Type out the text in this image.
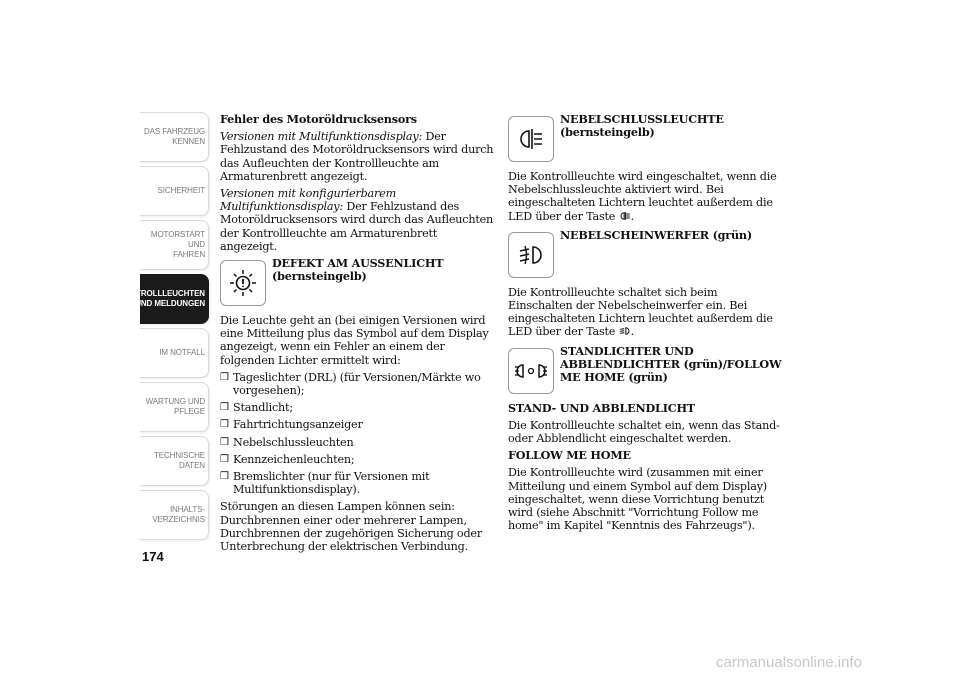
DAS FAHRZEUG
KENNEN
SICHERHEIT
MOTORSTART UND
FAHREN
KONTROLLLEUCHTEN
UND MELDUNGEN
IM NOTFALL
WARTUNG UND
PFLEGE
TECHNISCHE
DATEN
INHALTS-
VERZEICHNIS
174

Fehler des Motoröldrucksensors

Versionen mit Multifunktionsdisplay: Der Fehlzustand des Motoröldrucksensors wird durch das Aufleuchten der Kontrollleuchte am Armaturenbrett angezeigt.

Versionen mit konfigurierbarem Multifunktionsdisplay: Der Fehlzustand des Motoröldrucksensors wird durch das Aufleuchten der Kontrollleuchte am Armaturenbrett angezeigt.

DEFEKT AM AUSSENLICHT (bernsteingelb)

Die Leuchte geht an (bei einigen Versionen wird eine Mitteilung plus das Symbol auf dem Display angezeigt, wenn ein Fehler an einem der folgenden Lichter ermittelt wird:

❒ Tageslichter (DRL) (für Versionen/Märkte wo vorgesehen);
❒ Standlicht;
❒ Fahrtrichtungsanzeiger
❒ Nebelschlussleuchten
❒ Kennzeichenleuchten;
❒ Bremslichter (nur für Versionen mit Multifunktionsdisplay).

Störungen an diesen Lampen können sein: Durchbrennen einer oder mehrerer Lampen, Durchbrennen der zugehörigen Sicherung oder Unterbrechung der elektrischen Verbindung.

NEBELSCHLUSSLEUCHTE (bernsteingelb)

Die Kontrollleuchte wird eingeschaltet, wenn die Nebelschlussleuchte aktiviert wird. Bei eingeschalteten Lichtern leuchtet außerdem die LED über der Taste .

NEBELSCHEINWERFER (grün)

Die Kontrollleuchte schaltet sich beim Einschalten der Nebelscheinwerfer ein. Bei eingeschalteten Lichtern leuchtet außerdem die LED über der Taste .

STANDLICHTER UND ABBLENDLICHTER (grün)/FOLLOW ME HOME (grün)

STAND- UND ABBLENDLICHT

Die Kontrollleuchte schaltet ein, wenn das Stand- oder Abblendlicht eingeschaltet werden.

FOLLOW ME HOME

Die Kontrollleuchte wird (zusammen mit einer Mitteilung und einem Symbol auf dem Display) eingeschaltet, wenn diese Vorrichtung benutzt wird (siehe Abschnitt "Vorrichtung Follow me home" im Kapitel "Kenntnis des Fahrzeugs").

carmanualsonline.info
